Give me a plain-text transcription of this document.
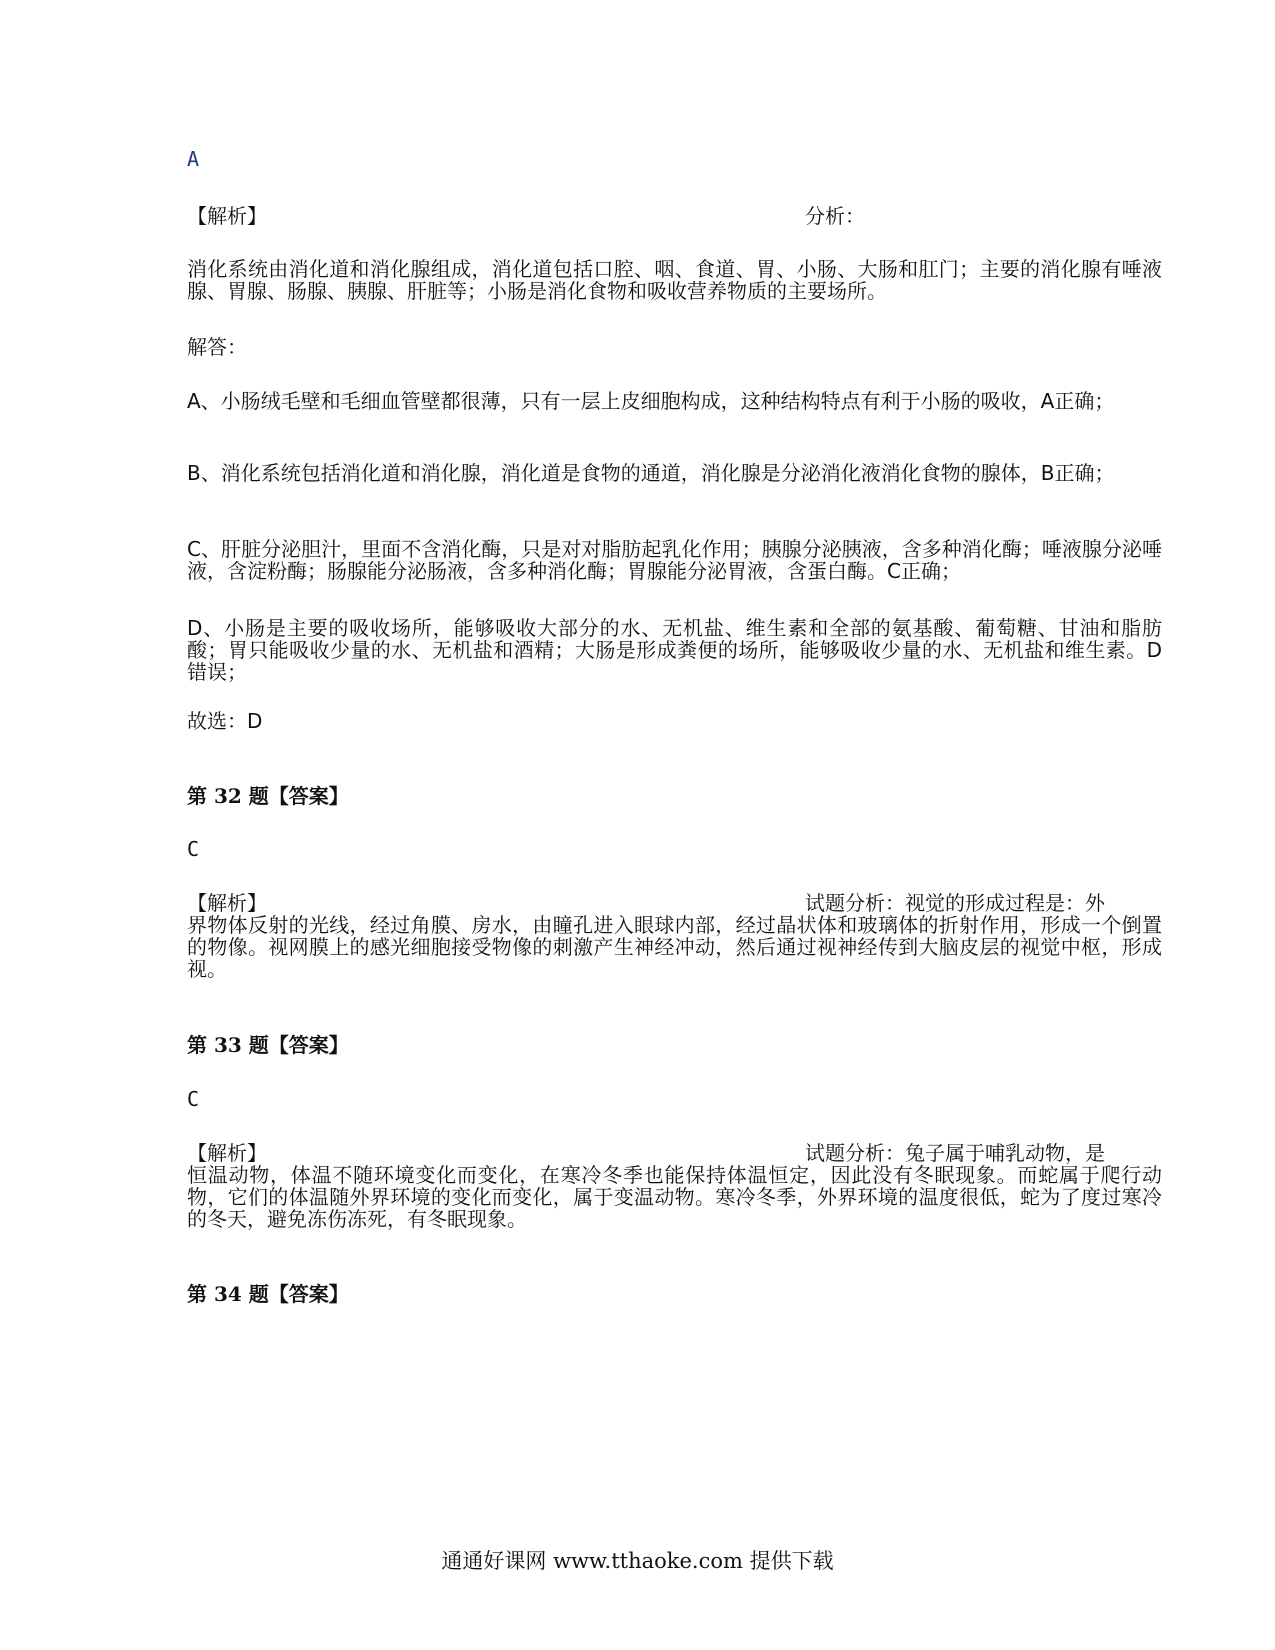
A
【解析】	分析：
消化系统由消化道和消化腺组成，消化道包括口腔、咽、食道、胃、小肠、大肠和肛门；主要的消化腺有唾液腺、胃腺、肠腺、胰腺、肝脏等；小肠是消化食物和吸收营养物质的主要场所。
解答：
A、小肠绒毛壁和毛细血管壁都很薄，只有一层上皮细胞构成，这种结构特点有利于小肠的吸收，A正确；
B、消化系统包括消化道和消化腺，消化道是食物的通道，消化腺是分泌消化液消化食物的腺体，B正确；
C、肝脏分泌胆汁，里面不含消化酶，只是对对脂肪起乳化作用；胰腺分泌胰液，含多种消化酶；唾液腺分泌唾液，含淀粉酶；肠腺能分泌肠液，含多种消化酶；胃腺能分泌胃液，含蛋白酶。C正确；
D、小肠是主要的吸收场所，能够吸收大部分的水、无机盐、维生素和全部的氨基酸、葡萄糖、甘油和脂肪酸；胃只能吸收少量的水、无机盐和酒精；大肠是形成粪便的场所，能够吸收少量的水、无机盐和维生素。D错误；
故选：D
第 32 题【答案】
C
【解析】	试题分析：视觉的形成过程是：外
界物体反射的光线，经过角膜、房水，由瞳孔进入眼球内部，经过晶状体和玻璃体的折射作用，形成一个倒置的物像。视网膜上的感光细胞接受物像的刺激产生神经冲动，然后通过视神经传到大脑皮层的视觉中枢，形成视。
第 33 题【答案】
C
【解析】	试题分析：兔子属于哺乳动物，是
恒温动物，体温不随环境变化而变化，在寒冷冬季也能保持体温恒定，因此没有冬眠现象。而蛇属于爬行动物，它们的体温随外界环境的变化而变化，属于变温动物。寒冷冬季，外界环境的温度很低，蛇为了度过寒冷的冬天，避免冻伤冻死，有冬眠现象。
第 34 题【答案】
通通好课网 www.tthaoke.com 提供下载
